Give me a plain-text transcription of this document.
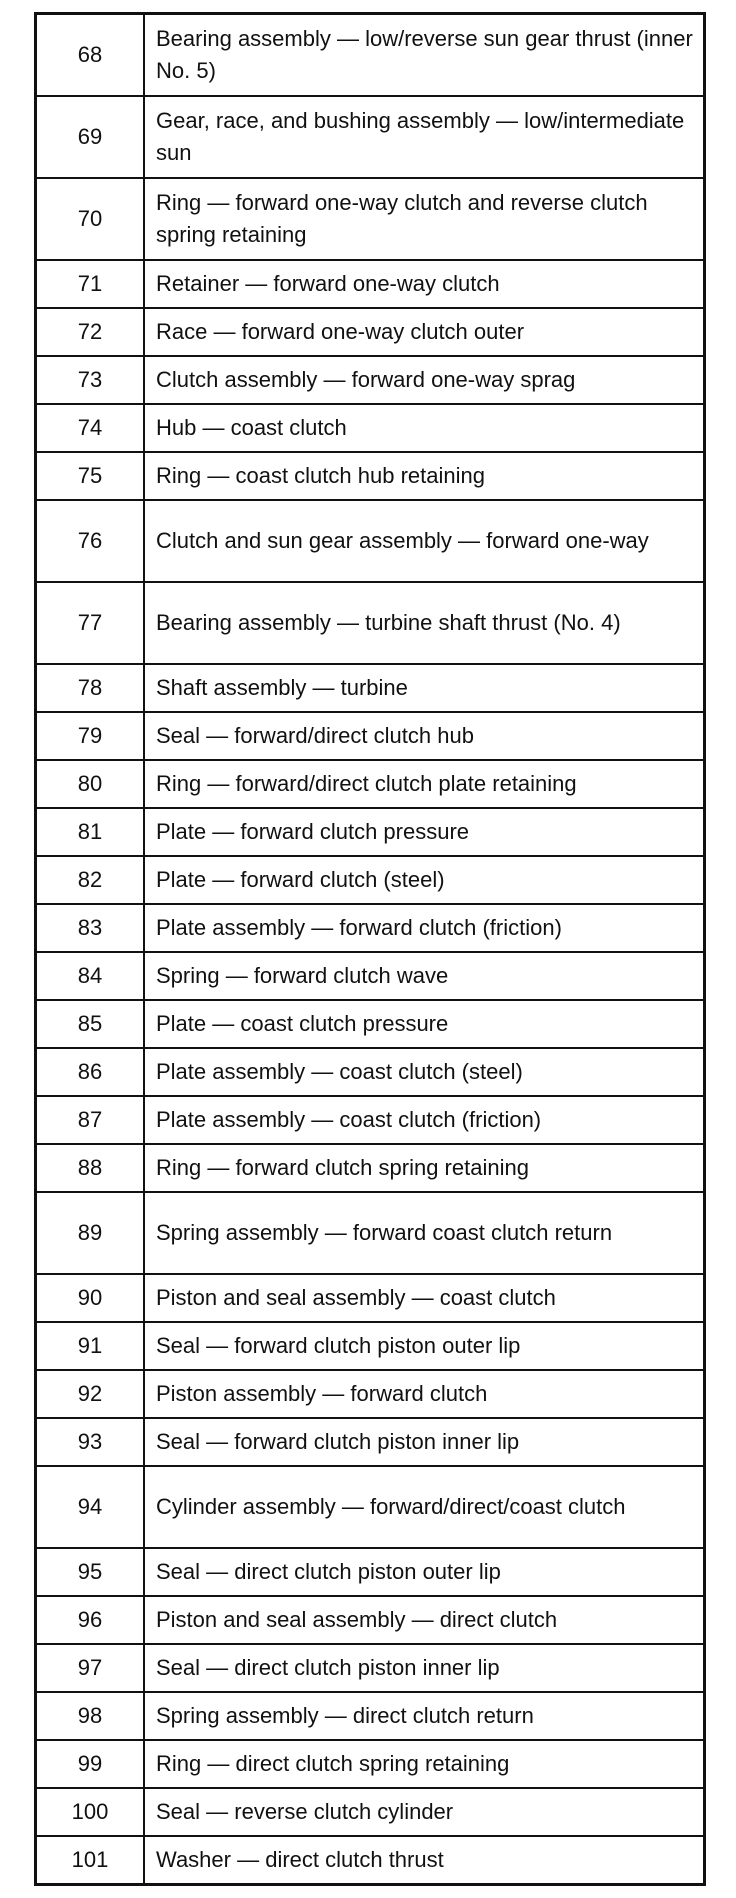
68	Bearing assembly — low/reverse sun gear thrust (inner No. 5)
69	Gear, race, and bushing assembly — low/intermediate sun
70	Ring — forward one-way clutch and reverse clutch spring retaining
71	Retainer — forward one-way clutch
72	Race — forward one-way clutch outer
73	Clutch assembly — forward one-way sprag
74	Hub — coast clutch
75	Ring — coast clutch hub retaining
76	Clutch and sun gear assembly — forward one-way
77	Bearing assembly — turbine shaft thrust (No. 4)
78	Shaft assembly — turbine
79	Seal — forward/direct clutch hub
80	Ring — forward/direct clutch plate retaining
81	Plate — forward clutch pressure
82	Plate — forward clutch (steel)
83	Plate assembly — forward clutch (friction)
84	Spring — forward clutch wave
85	Plate — coast clutch pressure
86	Plate assembly — coast clutch (steel)
87	Plate assembly — coast clutch (friction)
88	Ring — forward clutch spring retaining
89	Spring assembly — forward coast clutch return
90	Piston and seal assembly — coast clutch
91	Seal — forward clutch piston outer lip
92	Piston assembly — forward clutch
93	Seal — forward clutch piston inner lip
94	Cylinder assembly — forward/direct/coast clutch
95	Seal — direct clutch piston outer lip
96	Piston and seal assembly — direct clutch
97	Seal — direct clutch piston inner lip
98	Spring assembly — direct clutch return
99	Ring — direct clutch spring retaining
100	Seal — reverse clutch cylinder
101	Washer — direct clutch thrust
